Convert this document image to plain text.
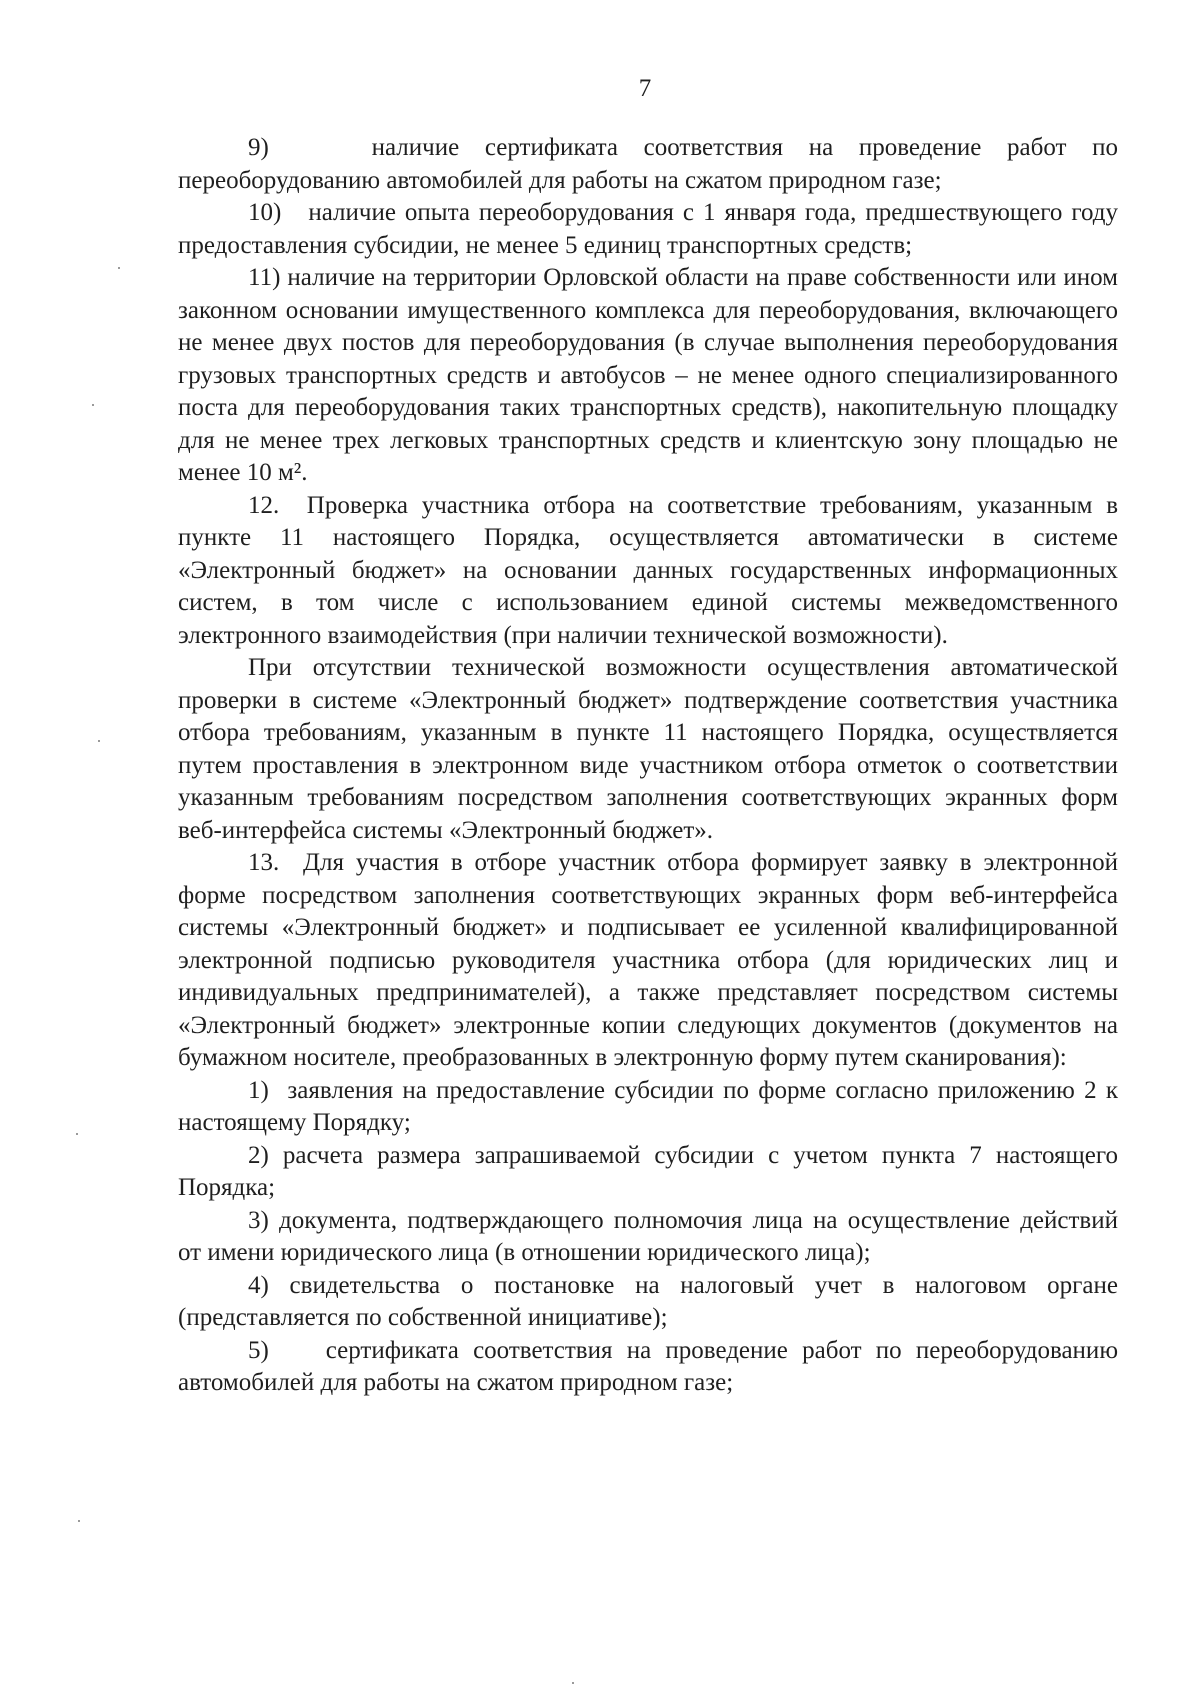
7

9)    наличие сертификата соответствия на проведение работ по переоборудованию автомобилей для работы на сжатом природном газе;

10)   наличие опыта переоборудования с 1 января года, предшествующего году предоставления субсидии, не менее 5 единиц транспортных средств;

11) наличие на территории Орловской области на праве собственности или ином законном основании имущественного комплекса для переоборудования, включающего не менее двух постов для переоборудования (в случае выполнения переоборудования грузовых транспортных средств и автобусов – не менее одного специализированного поста для переоборудования таких транспортных средств), накопительную площадку для не менее трех легковых транспортных средств и клиентскую зону площадью не менее 10 м².

12.  Проверка участника отбора на соответствие требованиям, указанным в пункте 11 настоящего Порядка, осуществляется автоматически в системе «Электронный бюджет» на основании данных государственных информационных систем, в том числе с использованием единой системы межведомственного электронного взаимодействия (при наличии технической возможности).

При отсутствии технической возможности осуществления автоматической проверки в системе «Электронный бюджет» подтверждение соответствия участника отбора требованиям, указанным в пункте 11 настоящего Порядка, осуществляется путем проставления в электронном виде участником отбора отметок о соответствии указанным требованиям посредством заполнения соответствующих экранных форм веб-интерфейса системы «Электронный бюджет».

13.  Для участия в отборе участник отбора формирует заявку в электронной форме посредством заполнения соответствующих экранных форм веб-интерфейса системы «Электронный бюджет» и подписывает ее усиленной квалифицированной электронной подписью руководителя участника отбора (для юридических лиц и индивидуальных предпринимателей), а также представляет посредством системы «Электронный бюджет» электронные копии следующих документов (документов на бумажном носителе, преобразованных в электронную форму путем сканирования):

1)  заявления на предоставление субсидии по форме согласно приложению 2 к настоящему Порядку;

2) расчета размера запрашиваемой субсидии с учетом пункта 7 настоящего Порядка;

3) документа, подтверждающего полномочия лица на осуществление действий от имени юридического лица (в отношении юридического лица);

4) свидетельства о постановке на налоговый учет в налоговом органе (представляется по собственной инициативе);

5)    сертификата соответствия на проведение работ по переоборудованию автомобилей для работы на сжатом природном газе;
